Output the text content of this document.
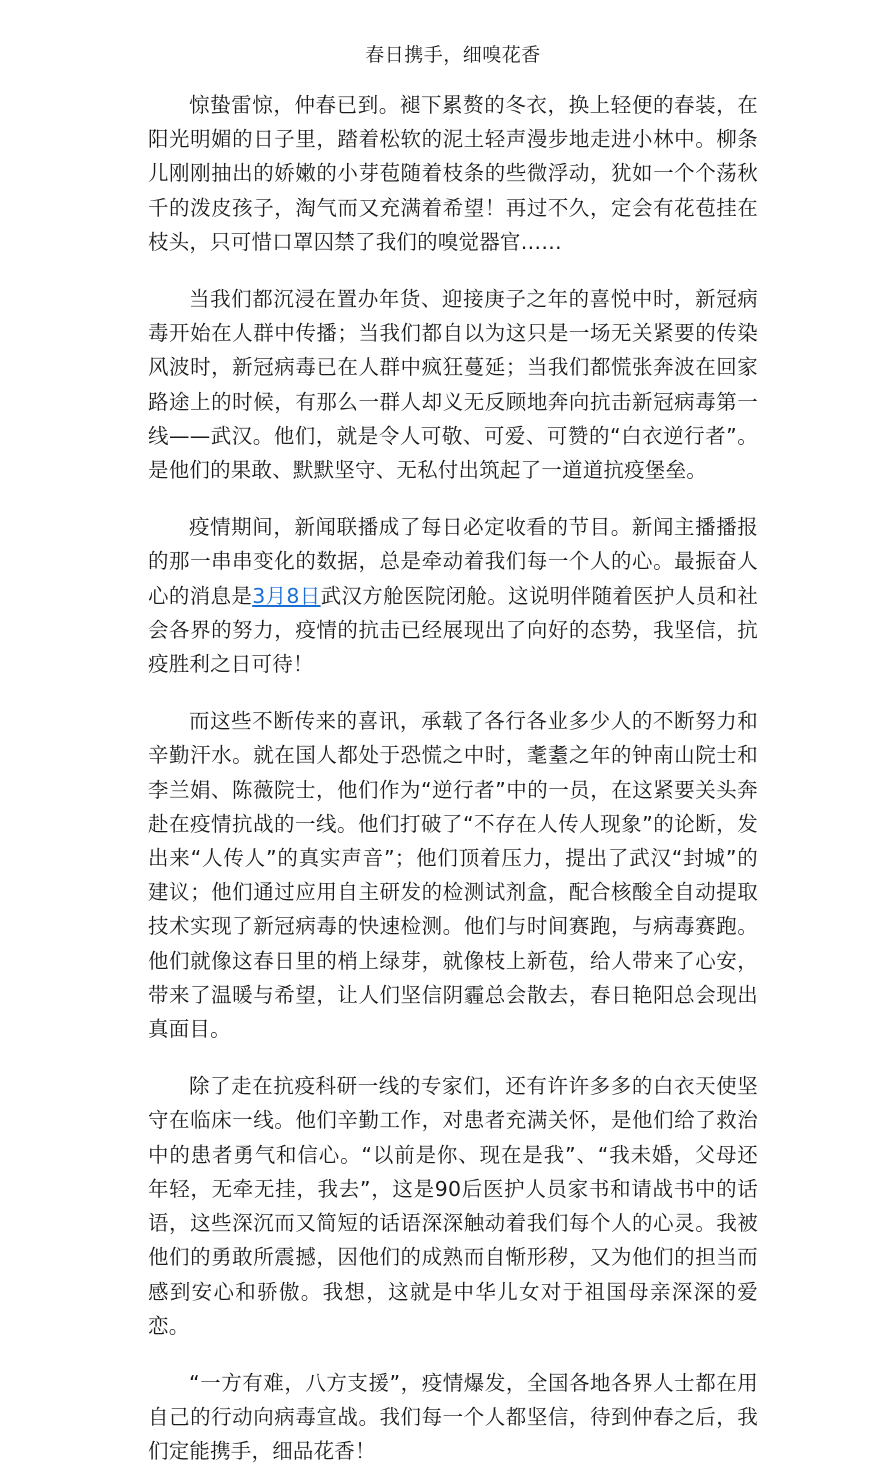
春日携手，细嗅花香

惊蛰雷惊，仲春已到。褪下累赘的冬衣，换上轻便的春装，在阳光明媚的日子里，踏着松软的泥土轻声漫步地走进小林中。柳条儿刚刚抽出的娇嫩的小芽苞随着枝条的些微浮动，犹如一个个荡秋千的泼皮孩子，淘气而又充满着希望！再过不久，定会有花苞挂在枝头，只可惜口罩囚禁了我们的嗅觉器官……

当我们都沉浸在置办年货、迎接庚子之年的喜悦中时，新冠病毒开始在人群中传播；当我们都自以为这只是一场无关紧要的传染风波时，新冠病毒已在人群中疯狂蔓延；当我们都慌张奔波在回家路途上的时候，有那么一群人却义无反顾地奔向抗击新冠病毒第一线——武汉。他们，就是令人可敬、可爱、可赞的“白衣逆行者”。是他们的果敢、默默坚守、无私付出筑起了一道道抗疫堡垒。

疫情期间，新闻联播成了每日必定收看的节目。新闻主播播报的那一串串变化的数据，总是牵动着我们每一个人的心。最振奋人心的消息是3月8日武汉方舱医院闭舱。这说明伴随着医护人员和社会各界的努力，疫情的抗击已经展现出了向好的态势，我坚信，抗疫胜利之日可待！

而这些不断传来的喜讯，承载了各行各业多少人的不断努力和辛勤汗水。就在国人都处于恐慌之中时，耄耋之年的钟南山院士和李兰娟、陈薇院士，他们作为“逆行者”中的一员，在这紧要关头奔赴在疫情抗战的一线。他们打破了“不存在人传人现象”的论断，发出来“人传人”的真实声音”；他们顶着压力，提出了武汉“封城”的建议；他们通过应用自主研发的检测试剂盒，配合核酸全自动提取技术实现了新冠病毒的快速检测。他们与时间赛跑，与病毒赛跑。他们就像这春日里的梢上绿芽，就像枝上新苞，给人带来了心安，带来了温暖与希望，让人们坚信阴霾总会散去，春日艳阳总会现出真面目。

除了走在抗疫科研一线的专家们，还有许许多多的白衣天使坚守在临床一线。他们辛勤工作，对患者充满关怀，是他们给了救治中的患者勇气和信心。“以前是你、现在是我”、“我未婚，父母还年轻，无牵无挂，我去”，这是90后医护人员家书和请战书中的话语，这些深沉而又简短的话语深深触动着我们每个人的心灵。我被他们的勇敢所震撼，因他们的成熟而自惭形秽，又为他们的担当而感到安心和骄傲。我想，这就是中华儿女对于祖国母亲深深的爱恋。

“一方有难，八方支援”，疫情爆发，全国各地各界人士都在用自己的行动向病毒宣战。我们每一个人都坚信，待到仲春之后，我们定能携手，细品花香！
